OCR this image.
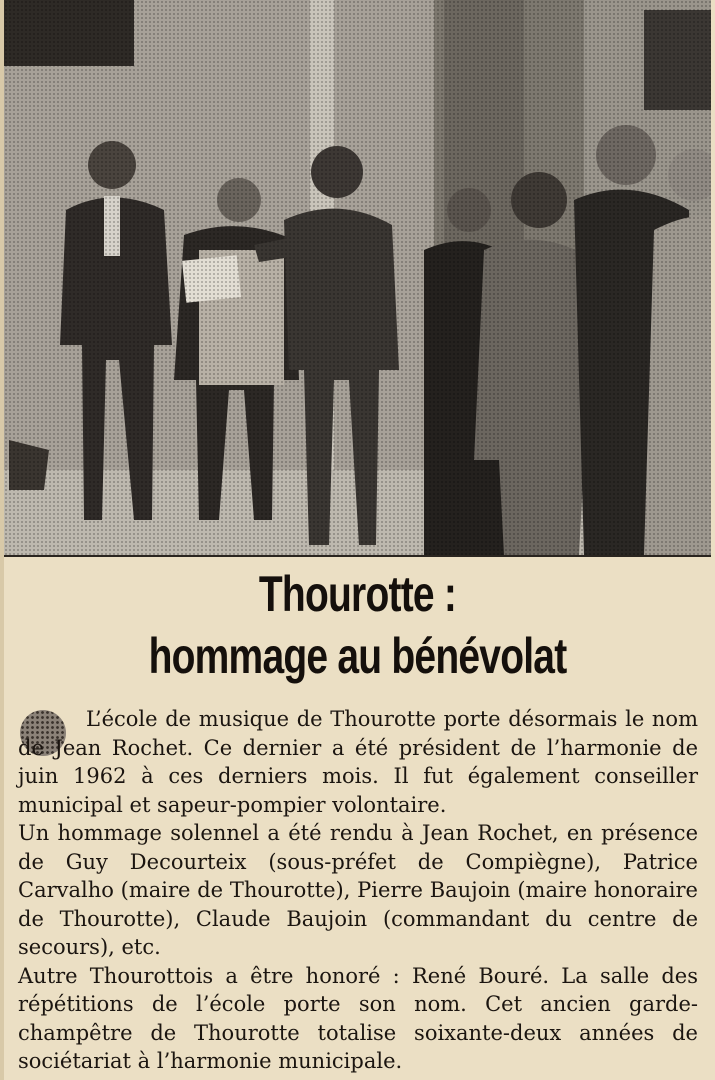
Thourotte :
hommage au bénévolat

L’école de musique de Thourotte porte désormais le nom de Jean Rochet. Ce dernier a été président de l’harmonie de juin 1962 à ces derniers mois. Il fut également conseiller municipal et sapeur-pompier volontaire.

Un hommage solennel a été rendu à Jean Rochet, en présence de Guy Decourteix (sous-préfet de Compiègne), Patrice Carvalho (maire de Thourotte), Pierre Baujoin (maire honoraire de Thourotte), Claude Baujoin (commandant du centre de secours), etc.

Autre Thourottois a être honoré : René Bouré. La salle des répétitions de l’école porte son nom. Cet ancien garde-champêtre de Thourotte totalise soixante-deux années de sociétariat à l’harmonie municipale.
